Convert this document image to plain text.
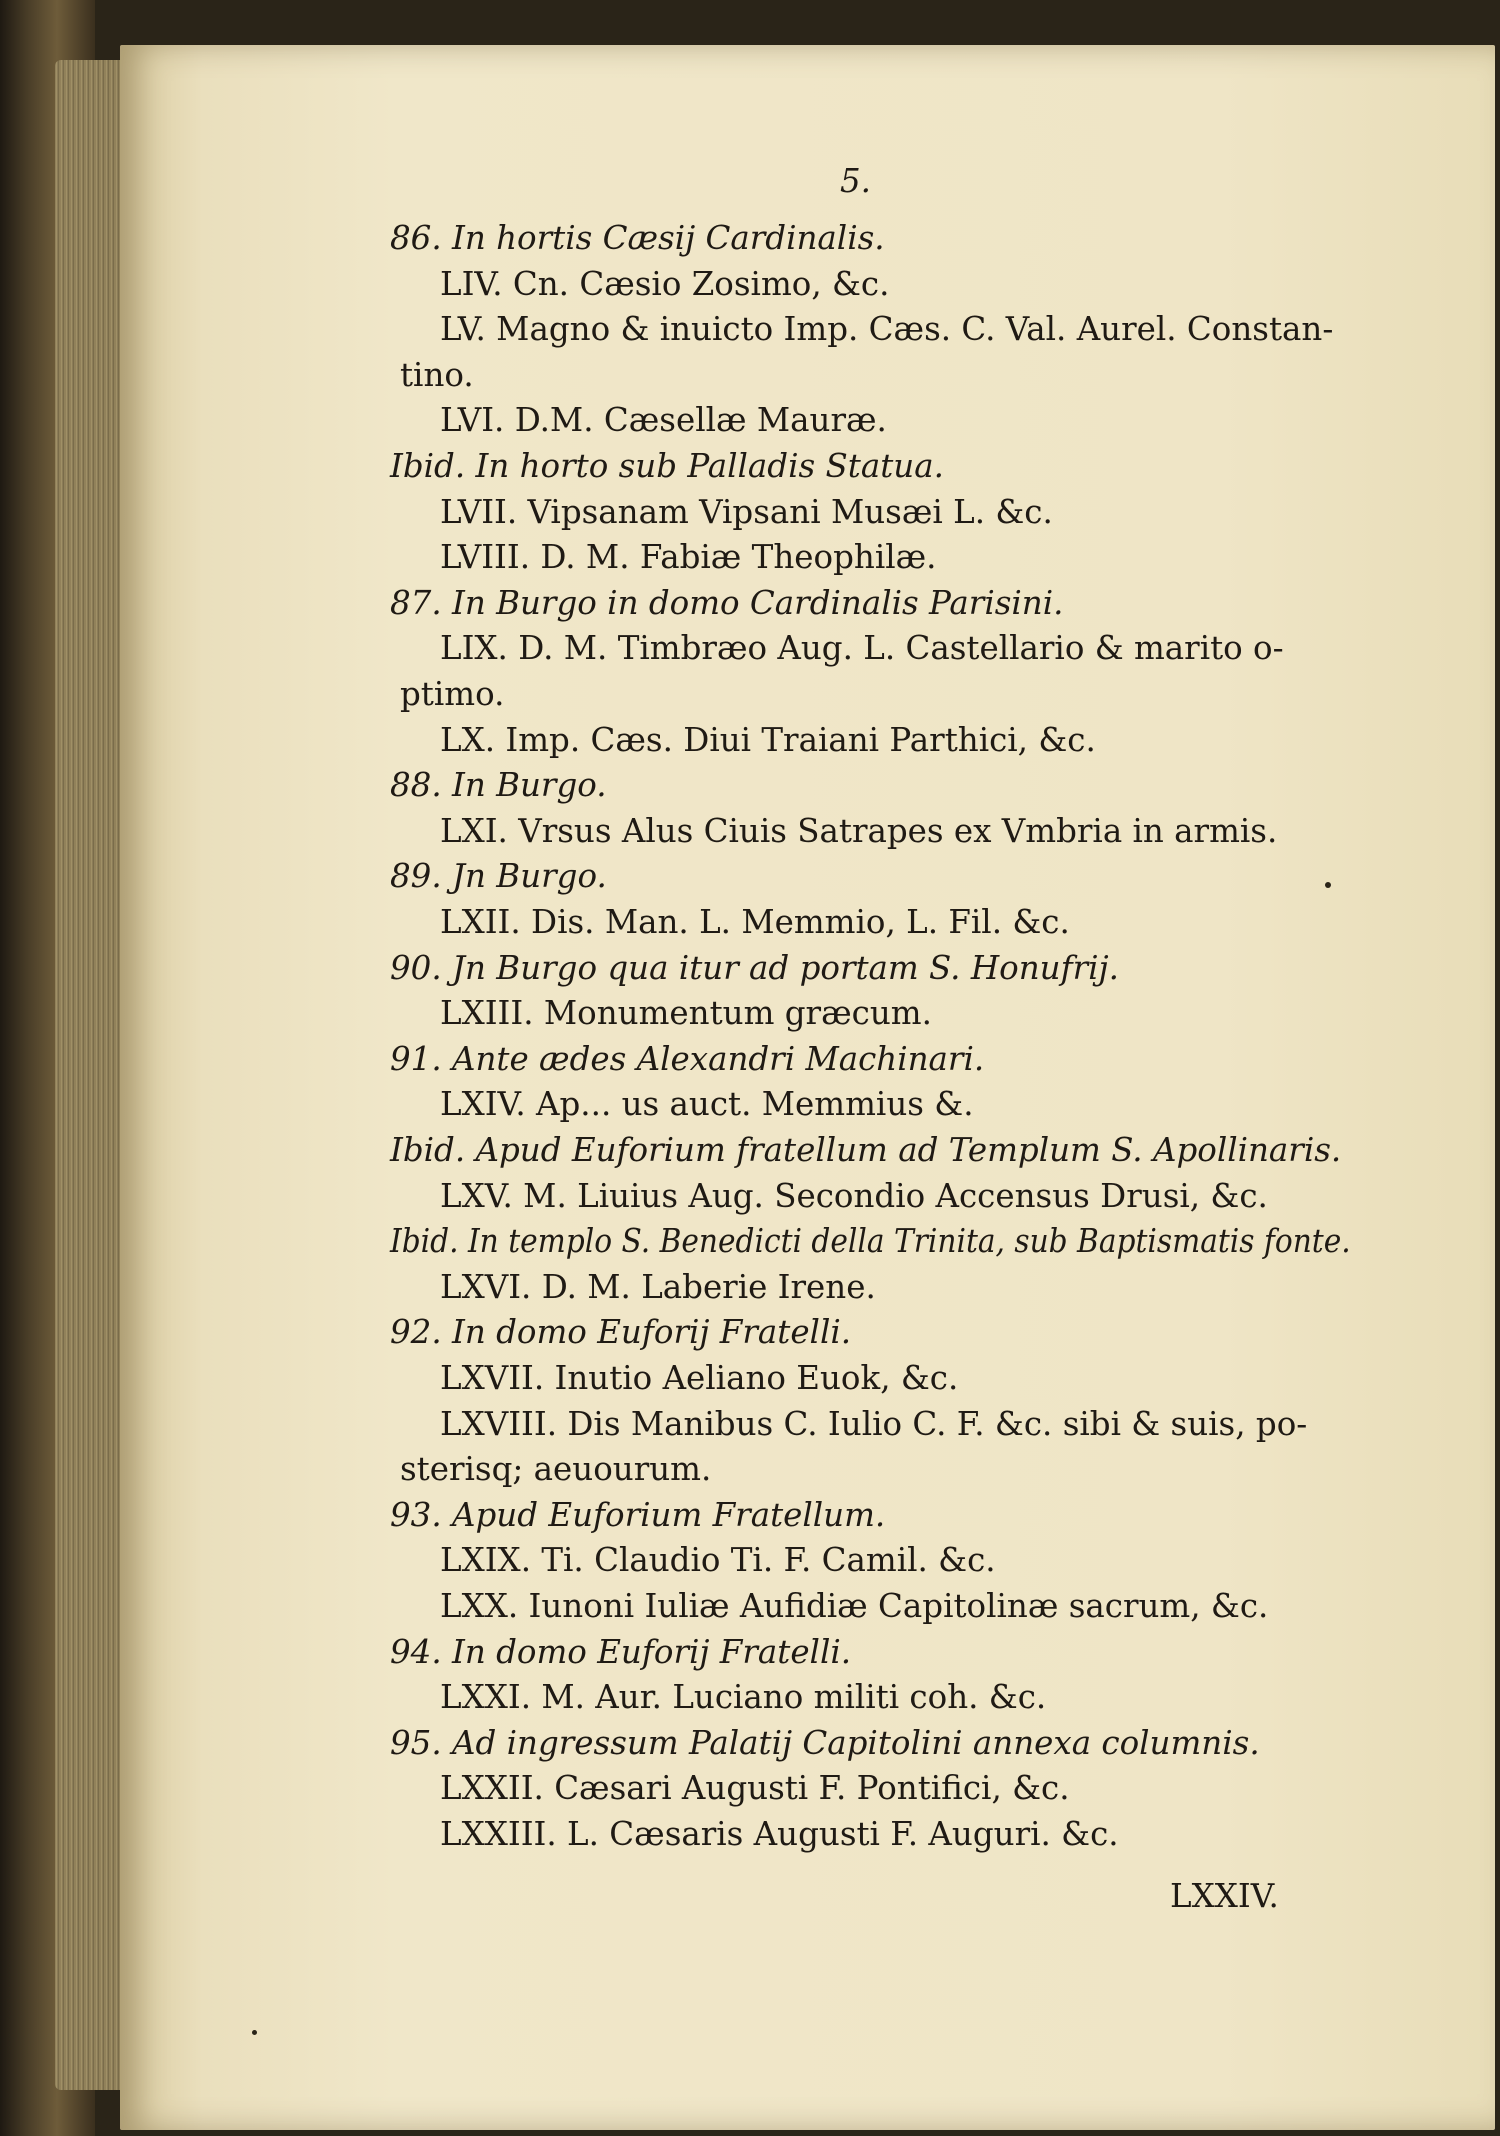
5.
86. In hortis Cæsij Cardinalis.
LIV. Cn. Cæsio Zosimo, &c.
LV. Magno & inuicto Imp. Cæs. C. Val. Aurel. Constan-
tino.
LVI. D.M. Cæsellæ Mauræ.
Ibid. In horto sub Palladis Statua.
LVII. Vipsanam Vipsani Musæi L. &c.
LVIII. D. M. Fabiæ Theophilæ.
87. In Burgo in domo Cardinalis Parisini.
LIX. D. M. Timbræo Aug. L. Castellario & marito o-
ptimo.
LX. Imp. Cæs. Diui Traiani Parthici, &c.
88. In Burgo.
LXI. Vrsus Alus Ciuis Satrapes ex Vmbria in armis.
89. Jn Burgo.
LXII. Dis. Man. L. Memmio, L. Fil. &c.
90. Jn Burgo qua itur ad portam S. Honufrij.
LXIII. Monumentum græcum.
91. Ante ædes Alexandri Machinari.
LXIV. Ap... us auct. Memmius &.
Ibid. Apud Euforium fratellum ad Templum S. Apollinaris.
LXV. M. Liuius Aug. Secondio Accensus Drusi, &c.
Ibid. In templo S. Benedicti della Trinita, sub Baptismatis fonte.
LXVI. D. M. Laberie Irene.
92. In domo Euforij Fratelli.
LXVII. Inutio Aeliano Euok, &c.
LXVIII. Dis Manibus C. Iulio C. F. &c. sibi & suis, po-
sterisq; aeuourum.
93. Apud Euforium Fratellum.
LXIX. Ti. Claudio Ti. F. Camil. &c.
LXX. Iunoni Iuliæ Aufidiæ Capitolinæ sacrum, &c.
94. In domo Euforij Fratelli.
LXXI. M. Aur. Luciano militi coh. &c.
95. Ad ingressum Palatij Capitolini annexa columnis.
LXXII. Cæsari Augusti F. Pontifici, &c.
LXXIII. L. Cæsaris Augusti F. Auguri. &c.
LXXIV.
